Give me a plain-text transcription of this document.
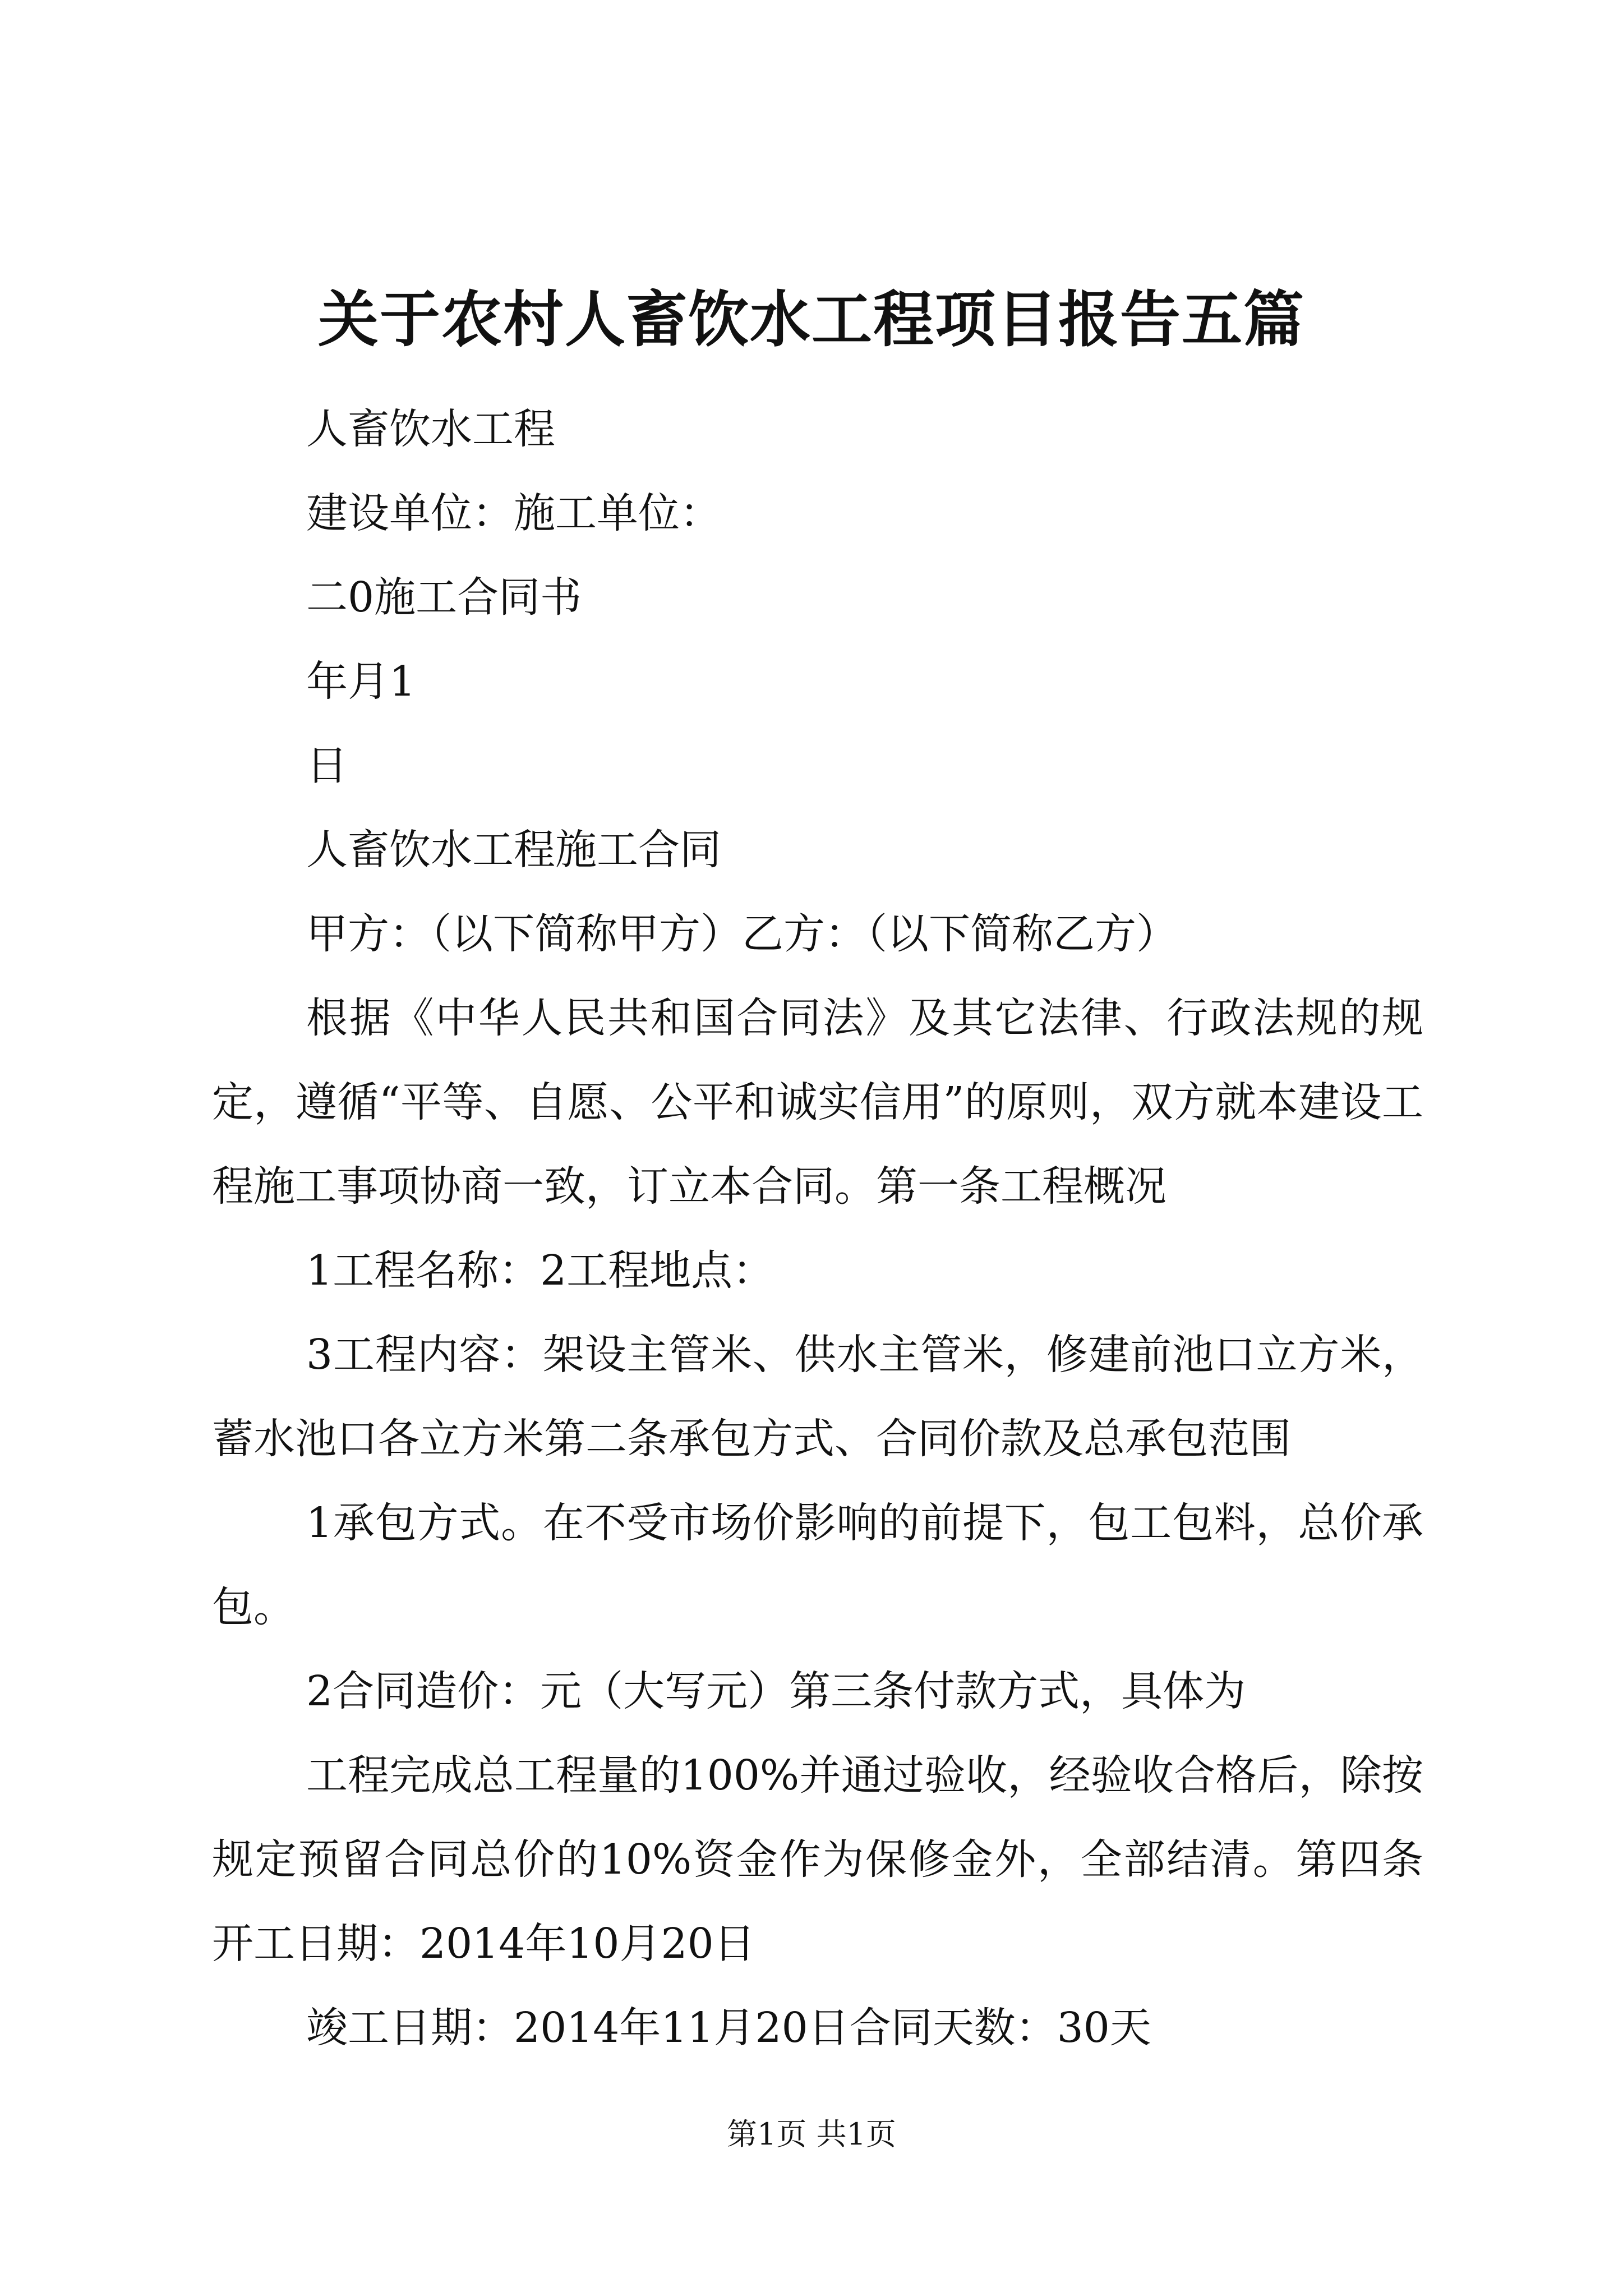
关于农村人畜饮水工程项目报告五篇

人畜饮水工程

建设单位：施工单位：

二0施工合同书

年月1

日

人畜饮水工程施工合同

甲方：（以下简称甲方）乙方：（以下简称乙方）

根据《中华人民共和国合同法》及其它法律、行政法规的规定，遵循“平等、自愿、公平和诚实信用”的原则，双方就本建设工程施工事项协商一致，订立本合同。第一条工程概况

1工程名称：2工程地点：

3工程内容：架设主管米、供水主管米，修建前池口立方米，蓄水池口各立方米第二条承包方式、合同价款及总承包范围

1承包方式。在不受市场价影响的前提下，包工包料，总价承包。

2合同造价：元（大写元）第三条付款方式，具体为

工程完成总工程量的100%并通过验收，经验收合格后，除按规定预留合同总价的10%资金作为保修金外，全部结清。第四条开工日期：2014年10月20日

竣工日期：2014年11月20日合同天数：30天

第1页 共1页
